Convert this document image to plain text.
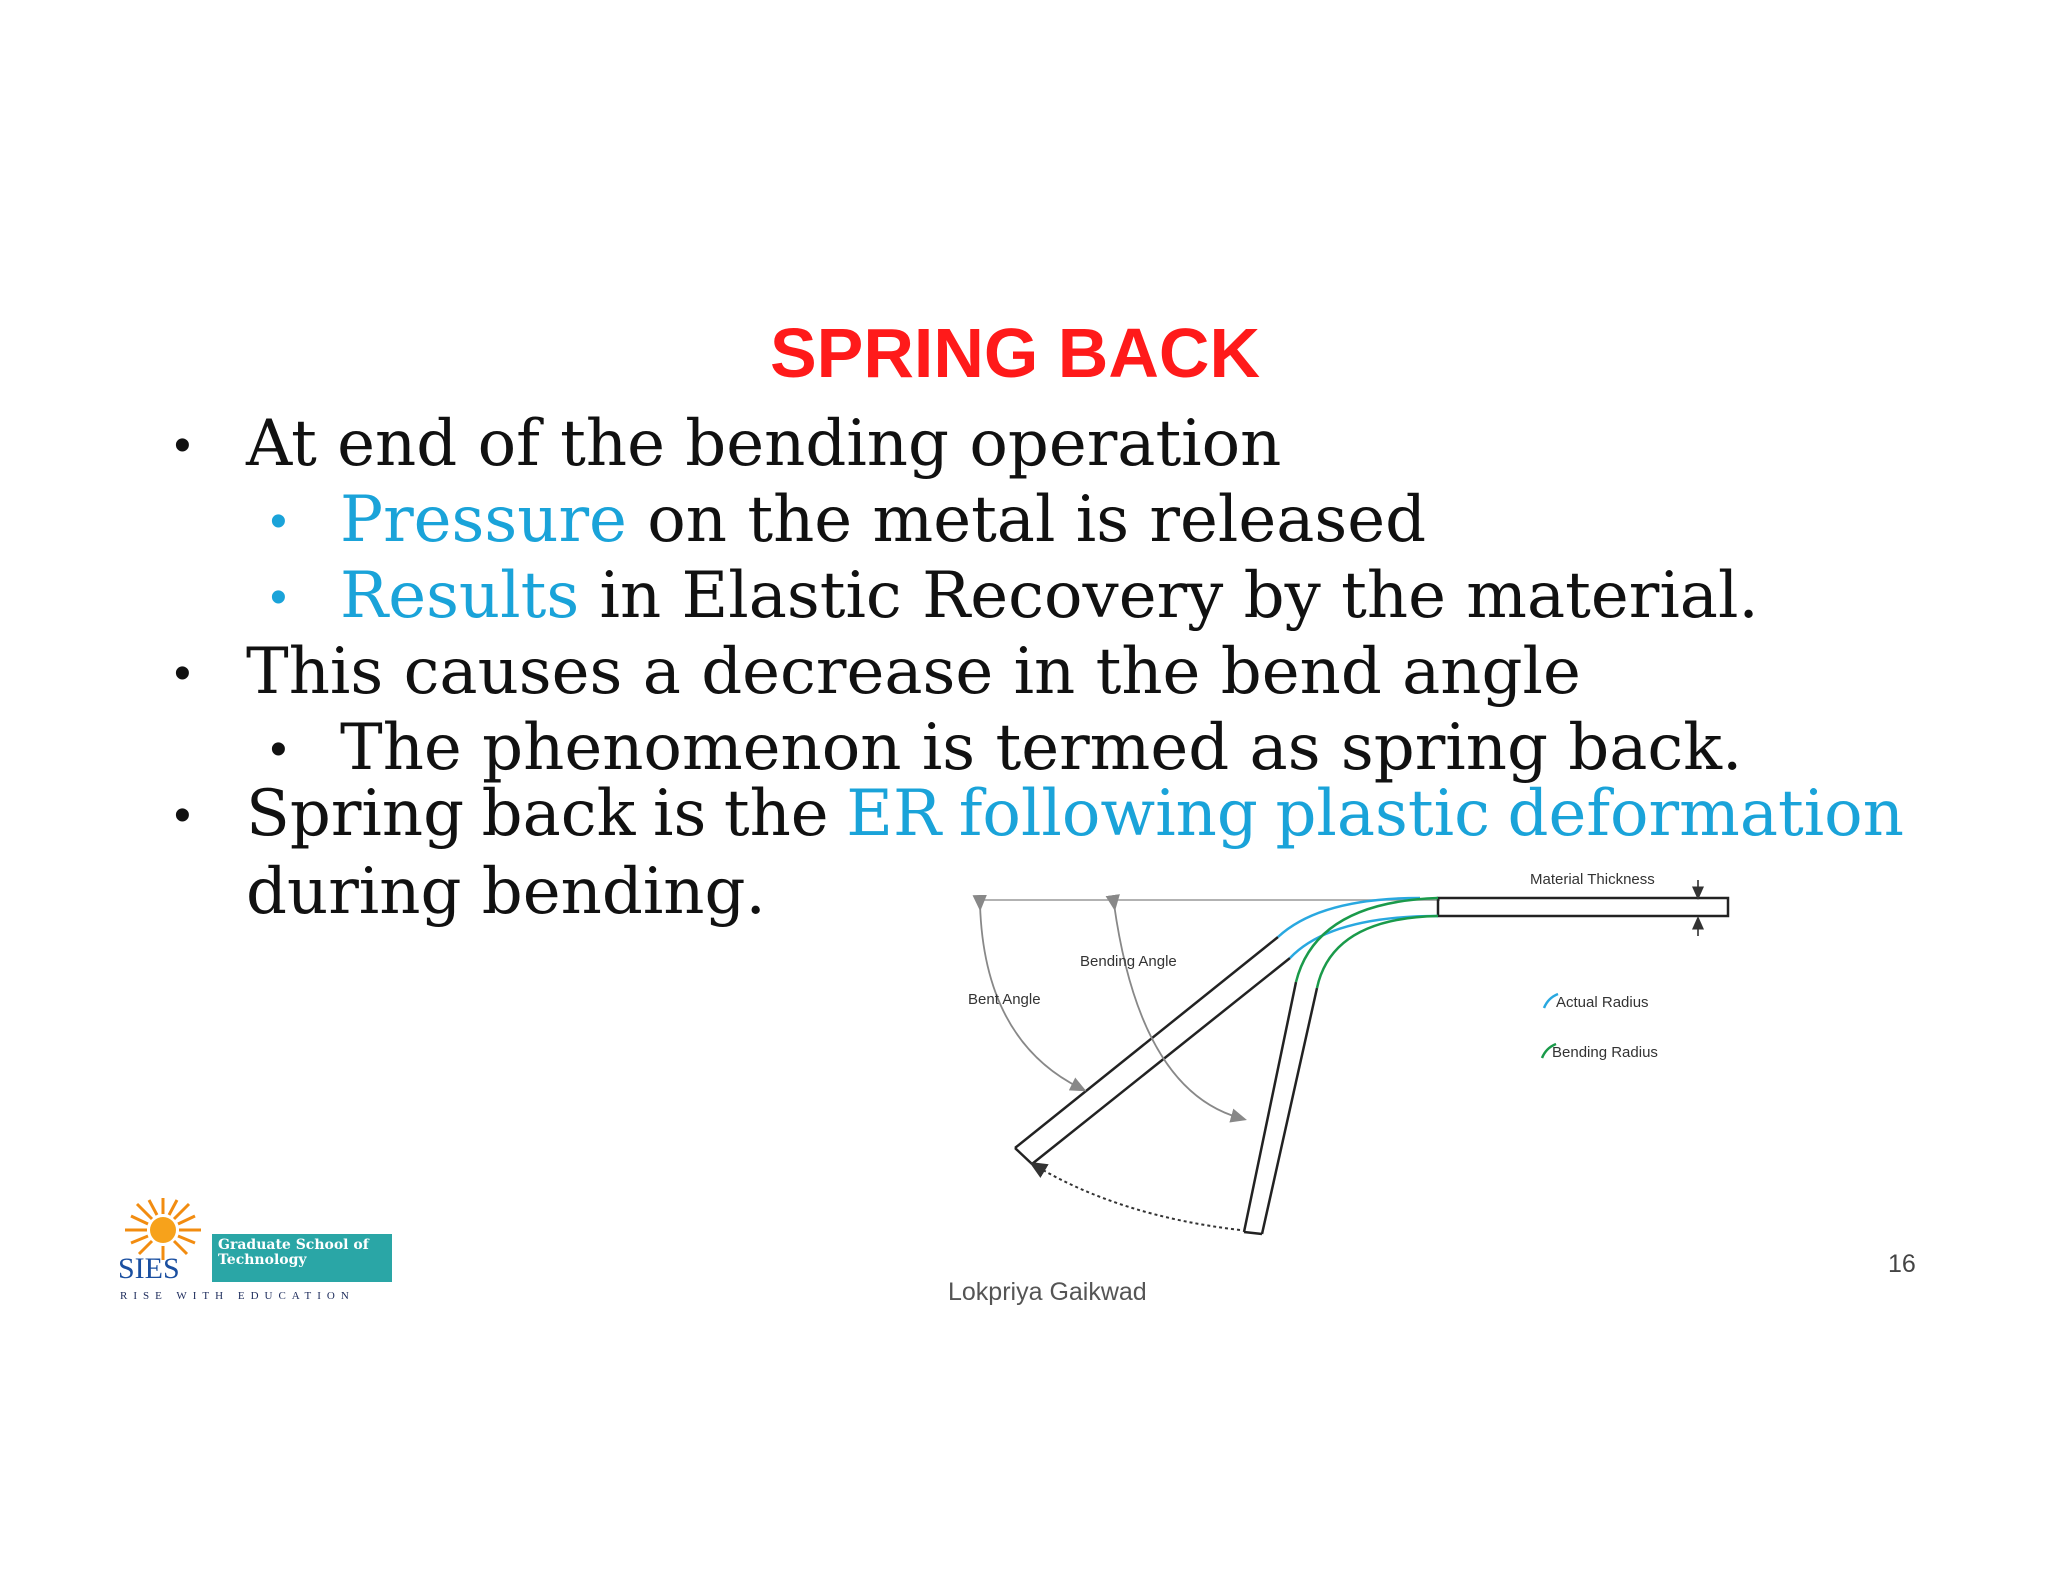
SPRING BACK
• At end of the bending operation
• Pressure on the metal is released
• Results in Elastic Recovery by the material.
• This causes a decrease in the bend angle
• The phenomenon is termed as spring back.
• Spring back is the ER following plastic deformation
during bending.	Material Thickness
Bending Angle
Bent Angle	Actual Radius
Bending Radius
Graduate School of
Technology
SIES
RISE WITH EDUCATION	Lokpriya Gaikwad
16
